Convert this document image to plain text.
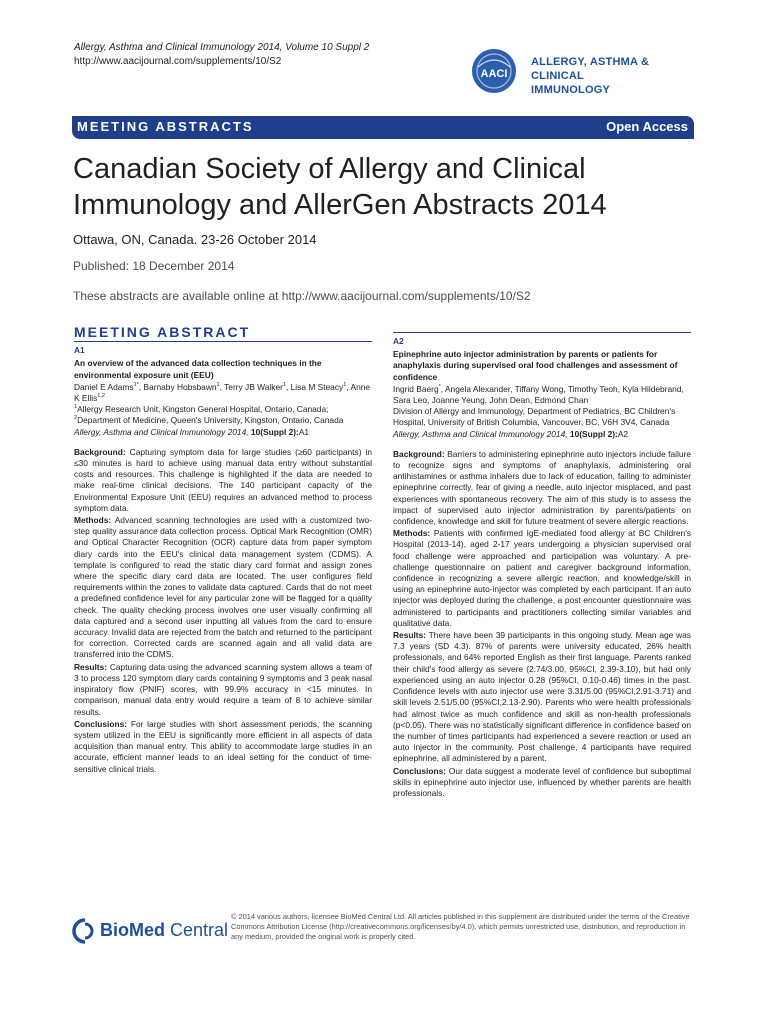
Allergy, Asthma and Clinical Immunology 2014, Volume 10 Suppl 2
http://www.aacijournal.com/supplements/10/S2
AACI
ALLERGY, ASTHMA & CLINICAL
IMMUNOLOGY
MEETING ABSTRACTS	Open Access
Canadian Society of Allergy and Clinical
Immunology and AllerGen Abstracts 2014
Ottawa, ON, Canada. 23-26 October 2014
Published: 18 December 2014
These abstracts are available online at http://www.aacijournal.com/supplements/10/S2
MEETING ABSTRACT
A1
An overview of the advanced data collection techniques in the environmental exposure unit (EEU)
Daniel E Adams$^{1*}$, Barnaby Hobsbawn$^1$, Terry JB Walker$^1$, Lisa M Steacy$^1$, Anne K Ellis$^{1,2}$
$^1$Allergy Research Unit, Kingston General Hospital, Ontario, Canada;
$^2$Department of Medicine, Queen's University, Kingston, Ontario, Canada
Allergy, Asthma and Clinical Immunology 2014, 10(Suppl 2):A1
Background: Capturing symptom data for large studies (≥60 participants) in ≤30 minutes is hard to achieve using manual data entry without substantial costs and resources. This challenge is highlighted if the data are needed to make real-time clinical decisions. The 140 participant capacity of the Environmental Exposure Unit (EEU) requires an advanced method to process symptom data.
Methods: Advanced scanning technologies are used with a customized two-step quality assurance data collection process. Optical Mark Recognition (OMR) and Optical Character Recognition (OCR) capture data from paper symptom diary cards into the EEU's clinical data management system (CDMS). A template is configured to read the static diary card format and assign zones where the specific diary card data are located. The user configures field requirements within the zones to validate data captured. Cards that do not meet a predefined confidence level for any particular zone will be flagged for a quality check. The quality checking process involves one user visually confirming all data captured and a second user inputting all values from the card to ensure accuracy. Invalid data are rejected from the batch and returned to the participant for correction. Corrected cards are scanned again and all valid data are transferred into the CDMS.
Results: Capturing data using the advanced scanning system allows a team of 3 to process 120 symptom diary cards containing 9 symptoms and 3 peak nasal inspiratory flow (PNIF) scores, with 99.9% accuracy in <15 minutes. In comparison, manual data entry would require a team of 8 to achieve similar results.
Conclusions: For large studies with short assessment periods, the scanning system utilized in the EEU is significantly more efficient in all aspects of data acquisition than manual entry. This ability to accommodate large studies in an accurate, efficient manner leads to an ideal setting for the conduct of time-sensitive clinical trials.
A2
Epinephrine auto injector administration by parents or patients for anaphylaxis during supervised oral food challenges and assessment of confidence
Ingrid Baerg*, Angela Alexander, Tiffany Wong, Timothy Teoh, Kyla Hildebrand, Sara Leo, Joanne Yeung, John Dean, Edmond Chan
Division of Allergy and Immunology, Department of Pediatrics, BC Children's Hospital, University of British Columbia, Vancouver, BC, V6H 3V4, Canada
Allergy, Asthma and Clinical Immunology 2014, 10(Suppl 2):A2
Background: Barriers to administering epinephrine auto injectors include failure to recognize signs and symptoms of anaphylaxis, administering oral antihistamines or asthma inhalers due to lack of education, failing to administer epinephrine correctly, fear of giving a needle, auto injector misplaced, and past experiences with spontaneous recovery. The aim of this study is to assess the impact of supervised auto injector administration by parents/patients on confidence, knowledge and skill for future treatment of severe allergic reactions.
Methods: Patients with confirmed IgE-mediated food allergy at BC Children's Hospital (2013-14), aged 2-17 years undergoing a physician supervised oral food challenge were approached and participation was voluntary. A pre- challenge questionnaire on patient and caregiver background information, confidence in recognizing a severe allergic reaction, and knowledge/skill in using an epinephrine auto-injector was completed by each participant. If an auto injector was deployed during the challenge, a post encounter questionnaire was administered to participants and practitioners collecting similar variables and qualitative data.
Results: There have been 39 participants in this ongoing study. Mean age was 7.3 years (SD 4.3). 87% of parents were university educated, 26% health professionals, and 64% reported English as their first language. Parents ranked their child's food allergy as severe (2.74/3.00, 95%CI, 2.39-3.10), but had only experienced using an auto injector 0.28 (95%CI, 0.10-0.46) times in the past. Confidence levels with auto injector use were 3.31/5.00 (95%CI,2.91-3.71) and skill levels 2.51/5.00 (95%CI,2.13-2.90). Parents who were health professionals had almost twice as much confidence and skill as non-health professionals (p<0.05). There was no statistically significant difference in confidence based on the number of times participants had experienced a severe reaction or used an auto injector in the community. Post challenge, 4 participants have required epinephrine, all administered by a parent.
Conclusions: Our data suggest a moderate level of confidence but suboptimal skills in epinephrine auto injector use, influenced by whether parents are health professionals.
BioMed Central
© 2014 various authors, licensee BioMed Central Ltd. All articles published in this supplement are distributed under the terms of the Creative Commons Attribution License (http://creativecommons.org/licenses/by/4.0), which permits unrestricted use, distribution, and reproduction in any medium, provided the original work is properly cited.
